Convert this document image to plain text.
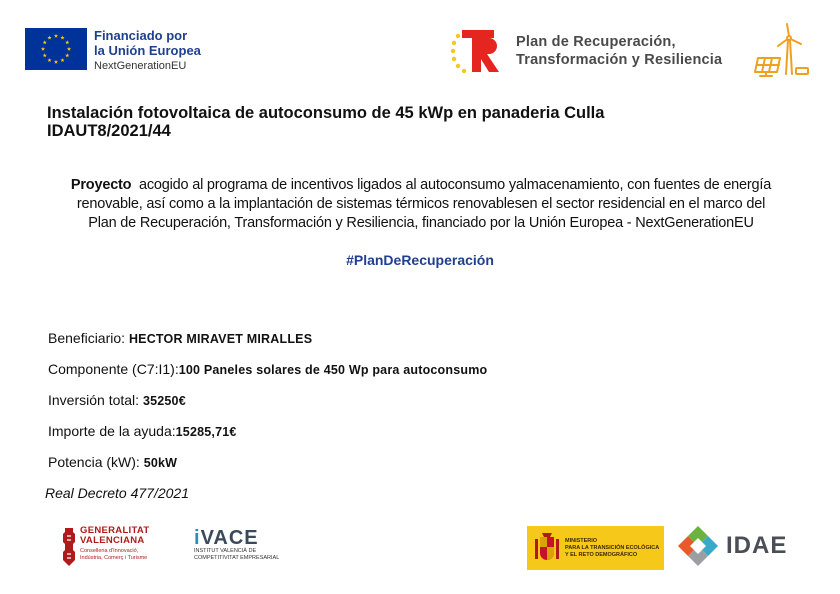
Financiado por
la Unión Europea
NextGenerationEU
Plan de Recuperación,
Transformación y Resiliencia
Instalación fotovoltaica de autoconsumo de 45 kWp en panaderia Culla
IDAUT8/2021/44
Proyecto  acogido al programa de incentivos ligados al autoconsumo yalmacenamiento, con fuentes de energía
renovable, así como a la implantación de sistemas térmicos renovablesen el sector residencial en el marco del
Plan de Recuperación, Transformación y Resiliencia, financiado por la Unión Europea - NextGenerationEU
#PlanDeRecuperación
Beneficiario: HECTOR MIRAVET MIRALLES
Componente (C7:I1):100 Paneles solares de 450 Wp para autoconsumo
Inversión total: 35250€
Importe de la ayuda:15285,71€
Potencia (kW): 50kW
Real Decreto 477/2021
GENERALITAT
VALENCIANA
Conselleria d'Innovació,
Indústria, Comerç i Turisme
iVACE
INSTITUT VALENCIÀ DE
COMPETITIVITAT EMPRESARIAL
MINISTERIO
PARA LA TRANSICIÓN ECOLÓGICA
Y EL RETO DEMOGRÁFICO	IDAE
